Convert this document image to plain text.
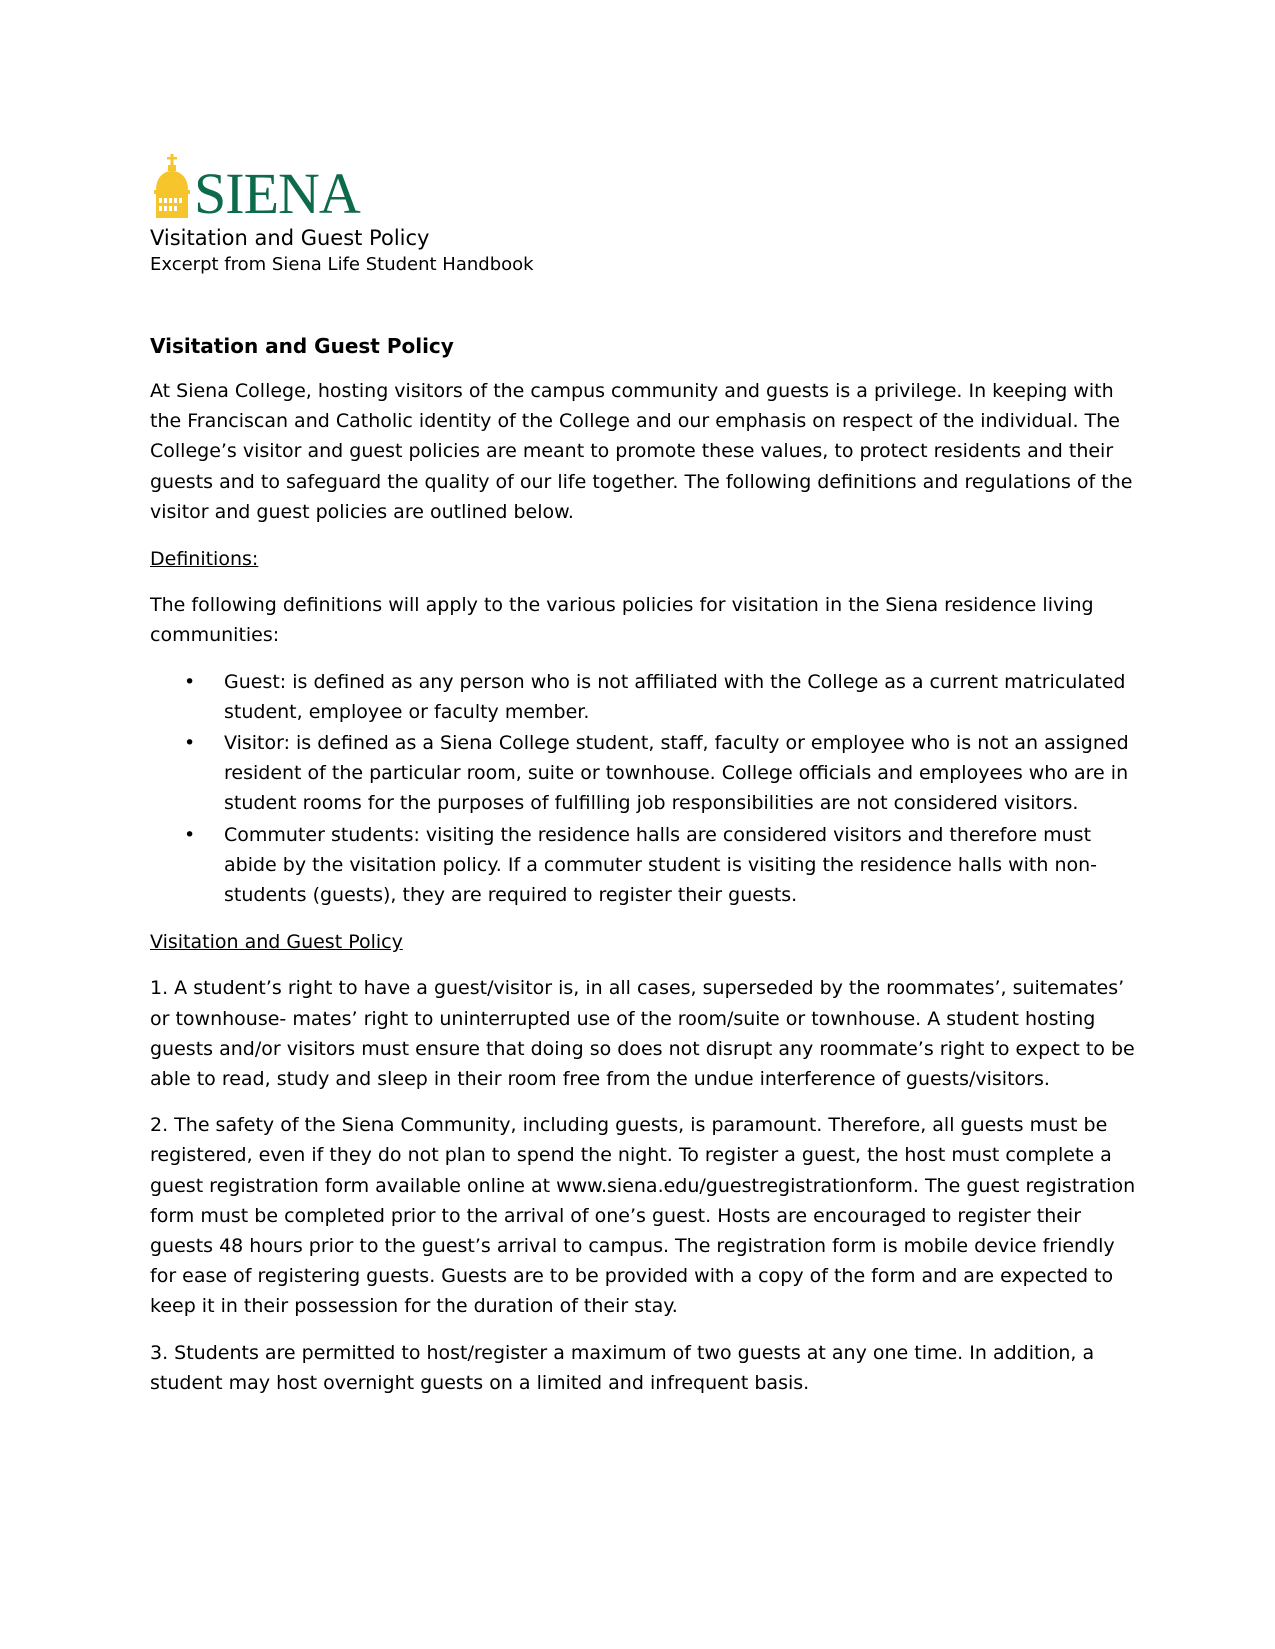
SIENA
Visitation and Guest Policy
Excerpt from Siena Life Student Handbook
Visitation and Guest Policy

At Siena College, hosting visitors of the campus community and guests is a privilege. In keeping with the Franciscan and Catholic identity of the College and our emphasis on respect of the individual. The College’s visitor and guest policies are meant to promote these values, to protect residents and their guests and to safeguard the quality of our life together. The following definitions and regulations of the visitor and guest policies are outlined below.

Definitions:

The following definitions will apply to the various policies for visitation in the Siena residence living communities:

• Guest: is defined as any person who is not affiliated with the College as a current matriculated student, employee or faculty member.
• Visitor: is defined as a Siena College student, staff, faculty or employee who is not an assigned resident of the particular room, suite or townhouse. College officials and employees who are in student rooms for the purposes of fulfilling job responsibilities are not considered visitors.
• Commuter students: visiting the residence halls are considered visitors and therefore must abide by the visitation policy. If a commuter student is visiting the residence halls with non-students (guests), they are required to register their guests.
Visitation and Guest Policy

1. A student’s right to have a guest/visitor is, in all cases, superseded by the roommates’, suitemates’ or townhouse- mates’ right to uninterrupted use of the room/suite or townhouse. A student hosting guests and/or visitors must ensure that doing so does not disrupt any roommate’s right to expect to be able to read, study and sleep in their room free from the undue interference of guests/visitors.

2. The safety of the Siena Community, including guests, is paramount. Therefore, all guests must be registered, even if they do not plan to spend the night. To register a guest, the host must complete a guest registration form available online at www.siena.edu/guestregistrationform. The guest registration form must be completed prior to the arrival of one’s guest. Hosts are encouraged to register their guests 48 hours prior to the guest’s arrival to campus. The registration form is mobile device friendly for ease of registering guests. Guests are to be provided with a copy of the form and are expected to keep it in their possession for the duration of their stay.

3. Students are permitted to host/register a maximum of two guests at any one time. In addition, a student may host overnight guests on a limited and infrequent basis.
